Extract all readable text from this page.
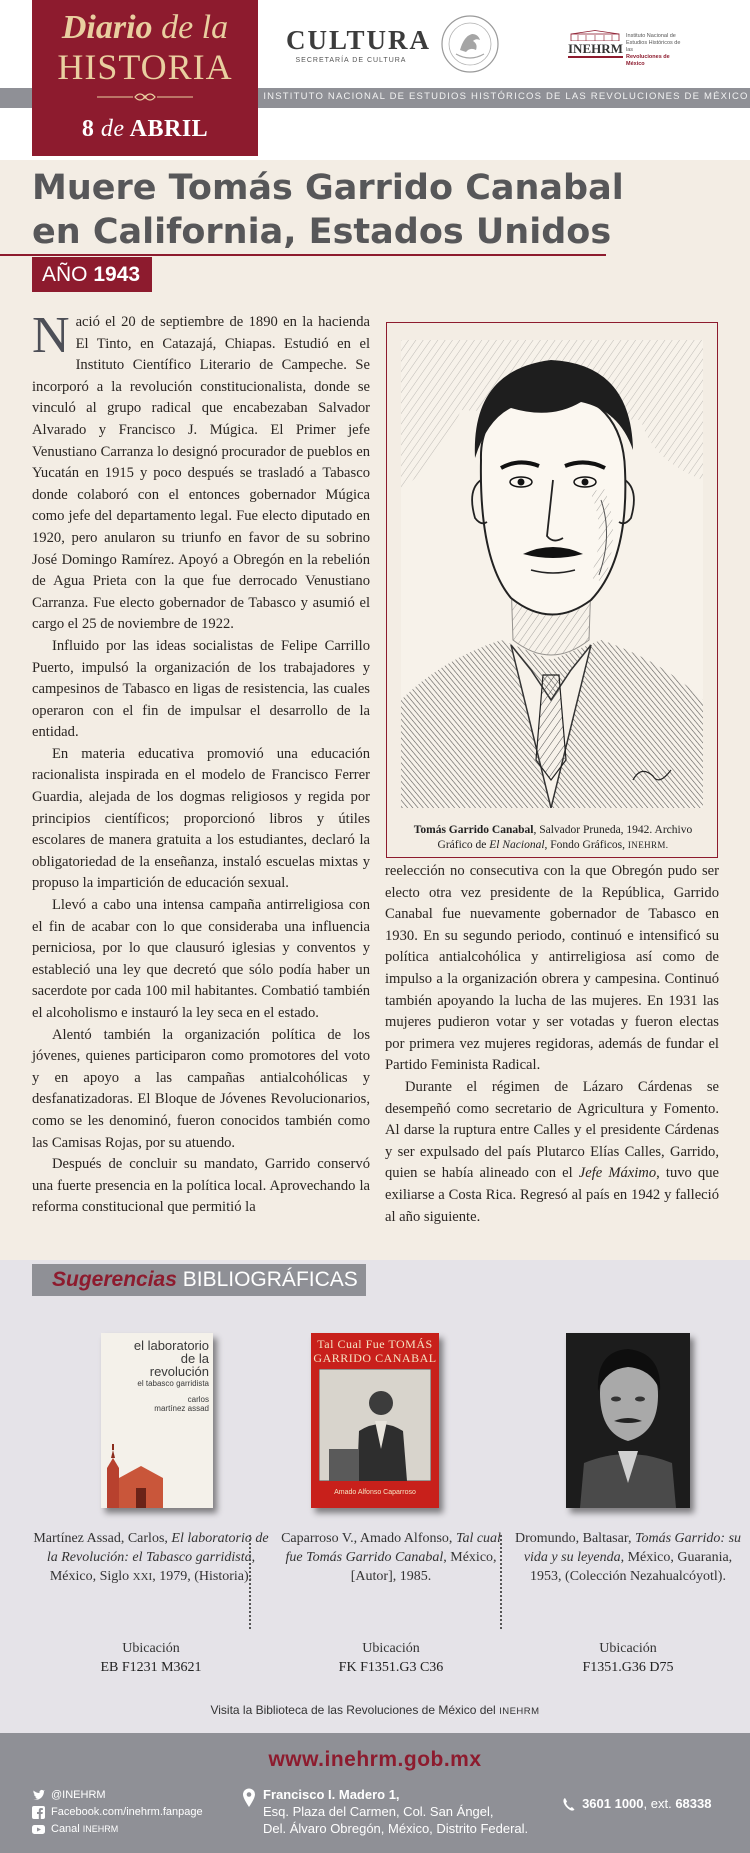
INSTITUTO NACIONAL DE ESTUDIOS HISTÓRICOS DE LAS REVOLUCIONES DE MÉXICO
Diario de la
HISTORIA
8 de ABRIL
CULTURA
SECRETARÍA DE CULTURA
INEHRM
Instituto Nacional de
Estudios Históricos de las
Revoluciones de México
Muere Tomás Garrido Canabal
en California, Estados Unidos
AÑO 1943

Nació el 20 de septiembre de 1890 en la hacienda El Tinto, en Catazajá, Chiapas. Estudió en el Instituto Científico Literario de Campeche. Se incorporó a la revolución constitucionalista, donde se vinculó al grupo radical que encabezaban Salvador Alvarado y Francisco J. Múgica. El Primer jefe Venustiano Carranza lo designó procurador de pueblos en Yucatán en 1915 y poco después se trasladó a Tabasco donde colaboró con el entonces gobernador Múgica como jefe del departamento legal. Fue electo diputado en 1920, pero anularon su triunfo en favor de su sobrino José Domingo Ramírez. Apoyó a Obregón en la rebelión de Agua Prieta con la que fue derrocado Venustiano Carranza. Fue electo gobernador de Tabasco y asumió el cargo el 25 de noviembre de 1922.

Influido por las ideas socialistas de Felipe Carrillo Puerto, impulsó la organización de los trabajadores y campesinos de Tabasco en ligas de resistencia, las cuales operaron con el fin de impulsar el desarrollo de la entidad.

En materia educativa promovió una educación racionalista inspirada en el modelo de Francisco Ferrer Guardia, alejada de los dogmas religiosos y regida por principios científicos; proporcionó libros y útiles escolares de manera gratuita a los estudiantes, declaró la obligatoriedad de la enseñanza, instaló escuelas mixtas y propuso la impartición de educación sexual.

Llevó a cabo una intensa campaña antirreligiosa con el fin de acabar con lo que consideraba una influencia perniciosa, por lo que clausuró iglesias y conventos y estableció una ley que decretó que sólo podía haber un sacerdote por cada 100 mil habitantes. Combatió también el alcoholismo e instauró la ley seca en el estado.

Alentó también la organización política de los jóvenes, quienes participaron como promotores del voto y en apoyo a las campañas antialcohólicas y desfanatizadoras. El Bloque de Jóvenes Revolucionarios, como se les denominó, fueron conocidos también como las Camisas Rojas, por su atuendo.

Después de concluir su mandato, Garrido conservó una fuerte presencia en la política local. Aprovechando la reforma constitucional que permitió la

Tomás Garrido Canabal, Salvador Pruneda, 1942. Archivo Gráfico de El Nacional, Fondo Gráficos, INEHRM.

reelección no consecutiva con la que Obregón pudo ser electo otra vez presidente de la República, Garrido Canabal fue nuevamente gobernador de Tabasco en 1930. En su segundo periodo, continuó e intensificó su política antialcohólica y antirreligiosa así como de impulso a la organización obrera y campesina. Continuó también apoyando la lucha de las mujeres. En 1931 las mujeres pudieron votar y ser votadas y fueron electas por primera vez mujeres regidoras, además de fundar el Partido Feminista Radical.

Durante el régimen de Lázaro Cárdenas se desempeñó como secretario de Agricultura y Fomento. Al darse la ruptura entre Calles y el presidente Cárdenas y ser expulsado del país Plutarco Elías Calles, Garrido, quien se había alineado con el Jefe Máximo, tuvo que exiliarse a Costa Rica. Regresó al país en 1942 y falleció al año siguiente.

Sugerencias BIBLIOGRÁFICAS
el laboratorio
de la
revolución
el tabasco garridista
carlos
martínez assad
Martínez Assad, Carlos, El laboratorio de la Revolución: el Tabasco garridista, México, Siglo XXI, 1979, (Historia).
Ubicación
EB F1231 M3621
Tal Cual Fue TOMÁS
GARRIDO CANABAL
Amado Alfonso Caparroso
Caparroso V., Amado Alfonso, Tal cual fue Tomás Garrido Canabal, México, [Autor], 1985.
Ubicación
FK F1351.G3 C36
Dromundo, Baltasar, Tomás Garrido: su vida y su leyenda, México, Guarania, 1953, (Colección Nezahualcóyotl).
Ubicación
F1351.G36 D75
Visita la Biblioteca de las Revoluciones de México del INEHRM
www.inehrm.gob.mx
@INEHRM
Facebook.com/inehrm.fanpage
Canal INEHRM
Francisco I. Madero 1,
Esq. Plaza del Carmen, Col. San Ángel,
Del. Álvaro Obregón, México, Distrito Federal.
3601 1000, ext. 68338
